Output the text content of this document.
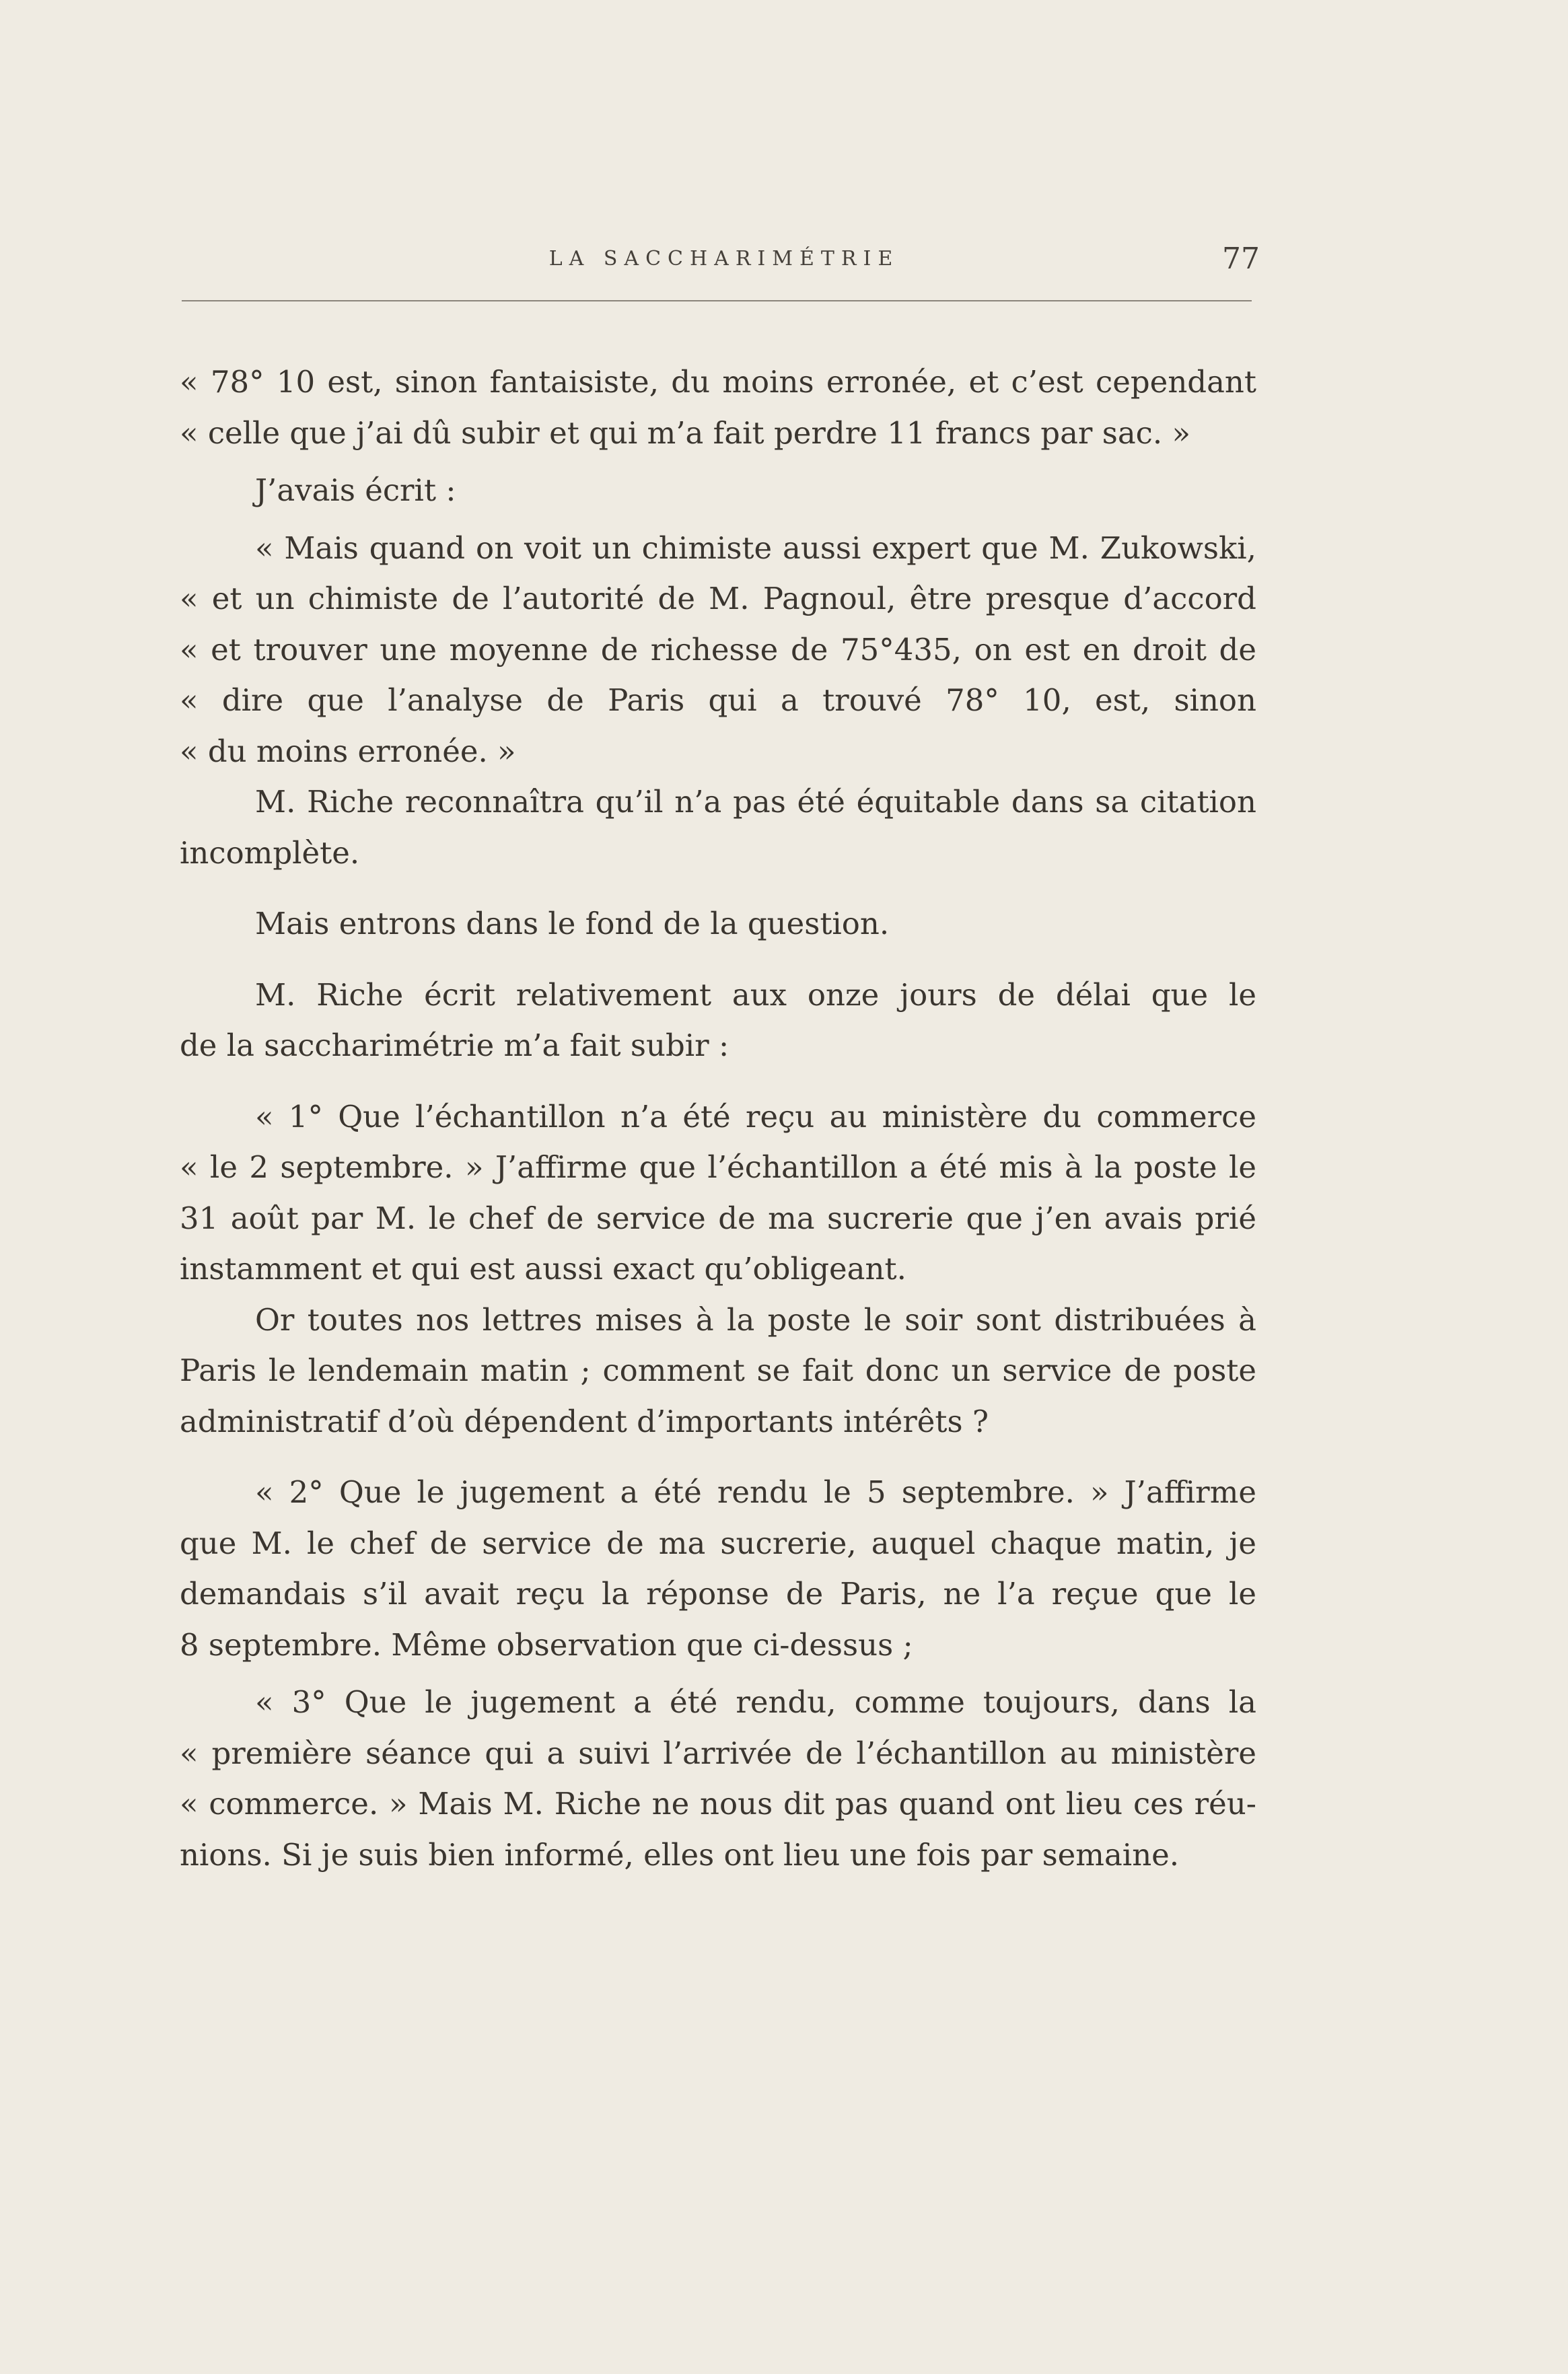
LA SACCHARIMÉTRIE	77
« 78° 10 est, sinon fantaisiste, du moins erronée, et c’est cependant
« celle que j’ai dû subir et qui m’a fait perdre 11 francs par sac. »
J’avais écrit :
« Mais quand on voit un chimiste aussi expert que M. Zukowski,
« et un chimiste de l’autorité de M. Pagnoul, être presque d’accord
« et trouver une moyenne de richesse de 75°435, on est en droit de
« dire que l’analyse de Paris qui a trouvé 78° 10, est, sinon
« du moins erronée. »
M. Riche reconnaîtra qu’il n’a pas été équitable dans sa citation
incomplète.
Mais entrons dans le fond de la question.
M. Riche écrit relativement aux onze jours de délai que le
de la saccharimétrie m’a fait subir :
« 1° Que l’échantillon n’a été reçu au ministère du commerce
« le 2 septembre. » J’affirme que l’échantillon a été mis à la poste le
31 août par M. le chef de service de ma sucrerie que j’en avais prié
instamment et qui est aussi exact qu’obligeant.
Or toutes nos lettres mises à la poste le soir sont distribuées à
Paris le lendemain matin ; comment se fait donc un service de poste
administratif d’où dépendent d’importants intérêts ?
« 2° Que le jugement a été rendu le 5 septembre. » J’affirme
que M. le chef de service de ma sucrerie, auquel chaque matin, je
demandais s’il avait reçu la réponse de Paris, ne l’a reçue que le
8 septembre. Même observation que ci-dessus ;
« 3° Que le jugement a été rendu, comme toujours, dans la
« première séance qui a suivi l’arrivée de l’échantillon au ministère
« commerce. » Mais M. Riche ne nous dit pas quand ont lieu ces réu-
nions. Si je suis bien informé, elles ont lieu une fois par semaine.
